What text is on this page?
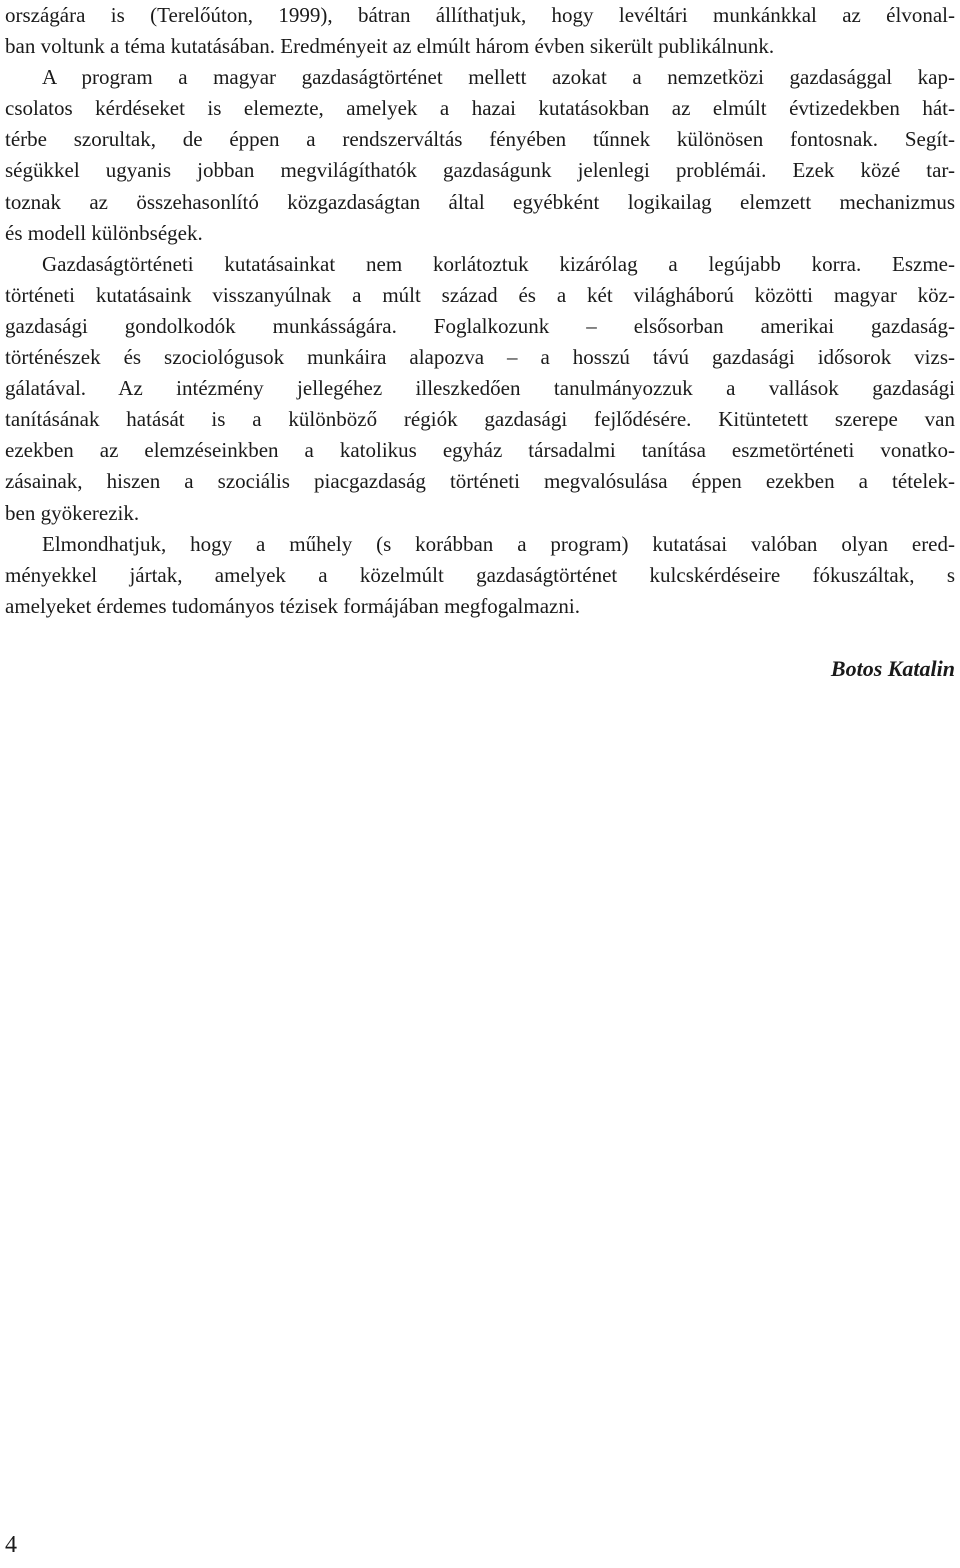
országára is (Terelőúton, 1999), bátran állíthatjuk, hogy levéltári munkánkkal az élvonal-
ban voltunk a téma kutatásában. Eredményeit az elmúlt három évben sikerült publikálnunk.
A program a magyar gazdaságtörténet mellett azokat a nemzetközi gazdasággal kap-
csolatos kérdéseket is elemezte, amelyek a hazai kutatásokban az elmúlt évtizedekben hát-
térbe szorultak, de éppen a rendszerváltás fényében tűnnek különösen fontosnak. Segít-
ségükkel ugyanis jobban megvilágíthatók gazdaságunk jelenlegi problémái. Ezek közé tar-
toznak az összehasonlító közgazdaságtan által egyébként logikailag elemzett mechanizmus
és modell különbségek.
Gazdaságtörténeti kutatásainkat nem korlátoztuk kizárólag a legújabb korra. Eszme-
történeti kutatásaink visszanyúlnak a múlt század és a két világháború közötti magyar köz-
gazdasági gondolkodók munkásságára. Foglalkozunk – elsősorban amerikai gazdaság-
történészek és szociológusok munkáira alapozva – a hosszú távú gazdasági idősorok vizs-
gálatával. Az intézmény jellegéhez illeszkedően tanulmányozzuk a vallások gazdasági
tanításának hatását is a különböző régiók gazdasági fejlődésére. Kitüntetett szerepe van
ezekben az elemzéseinkben a katolikus egyház társadalmi tanítása eszmetörténeti vonatko-
zásainak, hiszen a szociális piacgazdaság történeti megvalósulása éppen ezekben a tételek-
ben gyökerezik.
Elmondhatjuk, hogy a műhely (s korábban a program) kutatásai valóban olyan ered-
ményekkel jártak, amelyek a közelmúlt gazdaságtörténet kulcskérdéseire fókuszáltak, s
amelyeket érdemes tudományos tézisek formájában megfogalmazni.
Botos Katalin
4
